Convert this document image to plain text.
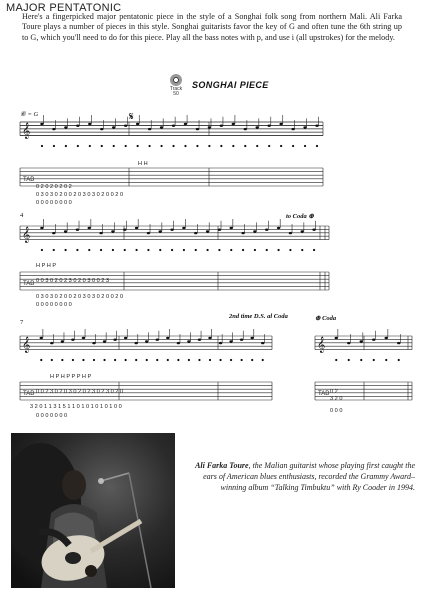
MAJOR PENTATONIC
Here's a fingerpicked major pentatonic piece in the style of a Songhai folk song from northern Mali. Ali Farka Toure plays a number of pieces in this style. Songhai guitarists favor the key of G and often tune the 6th string up to G, which you'll need to do for this piece. Play all the bass notes with p, and use i (all upstrokes) for the melody.
Track
50
SONGHAI PIECE
⑥ = G
4
7
to Coda ⊕
2nd time D.S. al Coda	⊕ Coda
𝄋
𝄞
TAB
H H
0 2 0 2 0 2 0 2
0 3 0 3 0 2 0 0 2 0 3 0 3 0 2 0 0 2 0
0 0 0 0 0 0 0 0
𝄞
TAB
H P H P
0 0 3 0 2 0 2 3 0 2 0 3 0 0 2 3
0 3 0 3 0 2 0 0 2 0 3 0 3 0 2 0 0 2 0
0 0 0 0 0 0 0 0
𝄞
TAB
H P H P P P H P
0 0 2 3 0 2 0 3 0 2 0 2 3 0 2 3 0 2 0
3 2 0 1 1 3 1 5 1 1 0 1 0 1 0 1 0 1 0 0
0 0 0 0 0 0 0
𝄞
TAB 0 2
3 2 0
0 0 0
Ali Farka Toure, the Malian guitarist whose playing first caught the ears of American blues enthusiasts, recorded the Grammy Award–winning album “Talking Timbuktu” with Ry Cooder in 1994.
